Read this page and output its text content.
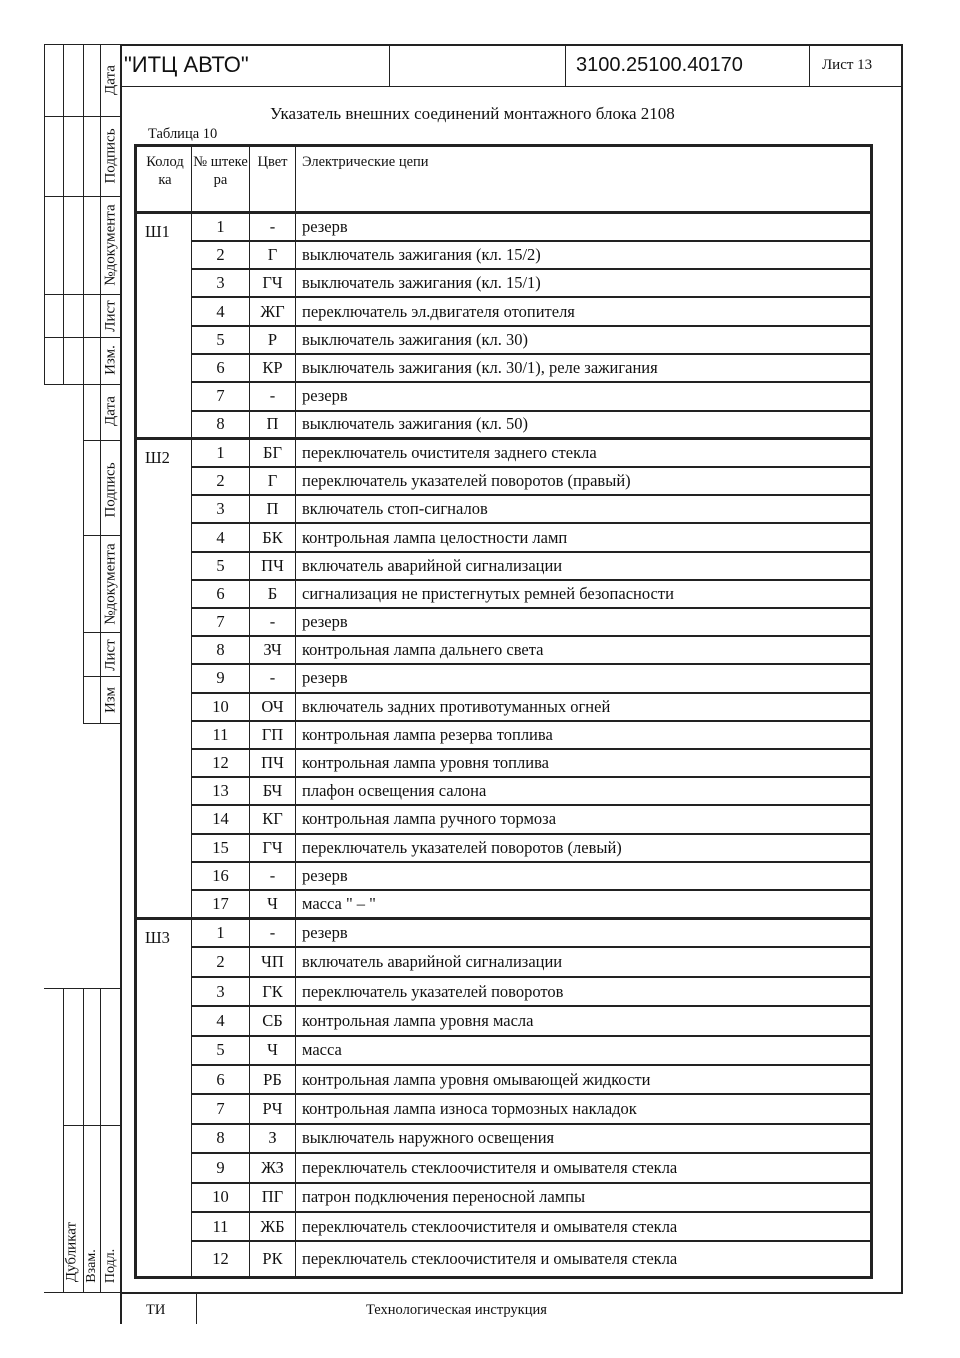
Дата
Подпись
№документа
Лист
Изм.
Дата
Подпись
№документа
Лист
Изм
Дубликат Взам. Подл.
"ИТЦ АВТО"	3100.25100.40170	Лист 13
Указатель внешних соединений монтажного блока 2108
Таблица 10
Колод ка	№ штеке ра	Цвет	Электрические цепи
Ш1	1	-	резерв
	2	Г	выключатель зажигания (кл. 15/2)
	3	ГЧ	выключатель зажигания (кл. 15/1)
	4	ЖГ	переключатель эл.двигателя отопителя
	5	Р	выключатель зажигания (кл. 30)
	6	КР	выключатель зажигания (кл. 30/1), реле зажигания
	7	-	резерв
	8	П	выключатель зажигания (кл. 50)
Ш2	1	БГ	переключатель очистителя заднего стекла
	2	Г	переключатель указателей поворотов (правый)
	3	П	включатель стоп-сигналов
	4	БК	контрольная лампа целостности ламп
	5	ПЧ	включатель аварийной сигнализации
	6	Б	сигнализация не пристегнутых ремней безопасности
	7	-	резерв
	8	ЗЧ	контрольная лампа дальнего света
	9	-	резерв
	10	ОЧ	включатель задних противотуманных огней
	11	ГП	контрольная лампа резерва топлива
	12	ПЧ	контрольная лампа уровня топлива
	13	БЧ	плафон освещения салона
	14	КГ	контрольная лампа ручного тормоза
	15	ГЧ	переключатель указателей поворотов (левый)
	16	-	резерв
	17	Ч	масса " – "
Ш3	1	-	резерв
	2	ЧП	включатель аварийной сигнализации
	3	ГК	переключатель указателей поворотов
	4	СБ	контрольная лампа уровня масла
	5	Ч	масса
	6	РБ	контрольная лампа уровня омывающей жидкости
	7	РЧ	контрольная лампа износа тормозных накладок
	8	З	выключатель наружного освещения
	9	ЖЗ	переключатель стеклоочистителя и омывателя стекла
	10	ПГ	патрон подключения переносной лампы
	11	ЖБ	переключатель стеклоочистителя и омывателя стекла
	12	РК	переключатель стеклоочистителя и омывателя стекла
ТИ	Технологическая инструкция
